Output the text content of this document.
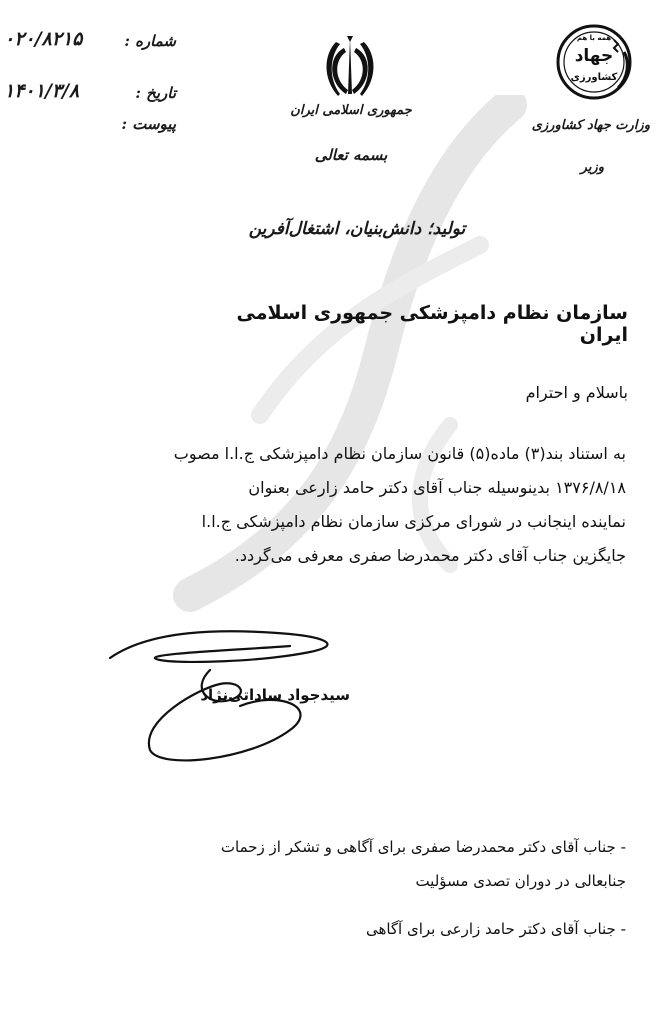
شماره :
۰۲۰/۸۲۱۵
تاریخ :
۱۴۰۱/۳/۸
پیوست :
جمهوری اسلامی ایران
بسمه تعالی
تولید؛ دانش‌بنیان، اشتغال‌آفرین
همه با هم
جهاد
کشاورزی
وزارت جهاد کشاورزی
وزیر
سازمان نظام دامپزشکی جمهوری اسلامی ایران
باسلام و احترام
به استناد بند(۳) ماده(۵) قانون سازمان نظام دامپزشکی ج.ا.ا مصوب
۱۳۷۶/۸/۱۸ بدینوسیله جناب آقای دکتر حامد زارعی بعنوان
نماینده اینجانب در شورای مرکزی سازمان نظام دامپزشکی ج.ا.ا
جایگزین جناب آقای دکتر محمدرضا صفری معرفی می‌گردد.
سیدجواد ساداتی‌نژاد
- جناب آقای دکتر محمدرضا صفری برای آگاهی و تشکر از زحمات
جنابعالی در دوران تصدی مسؤلیت
- جناب آقای دکتر حامد زارعی برای آگاهی
